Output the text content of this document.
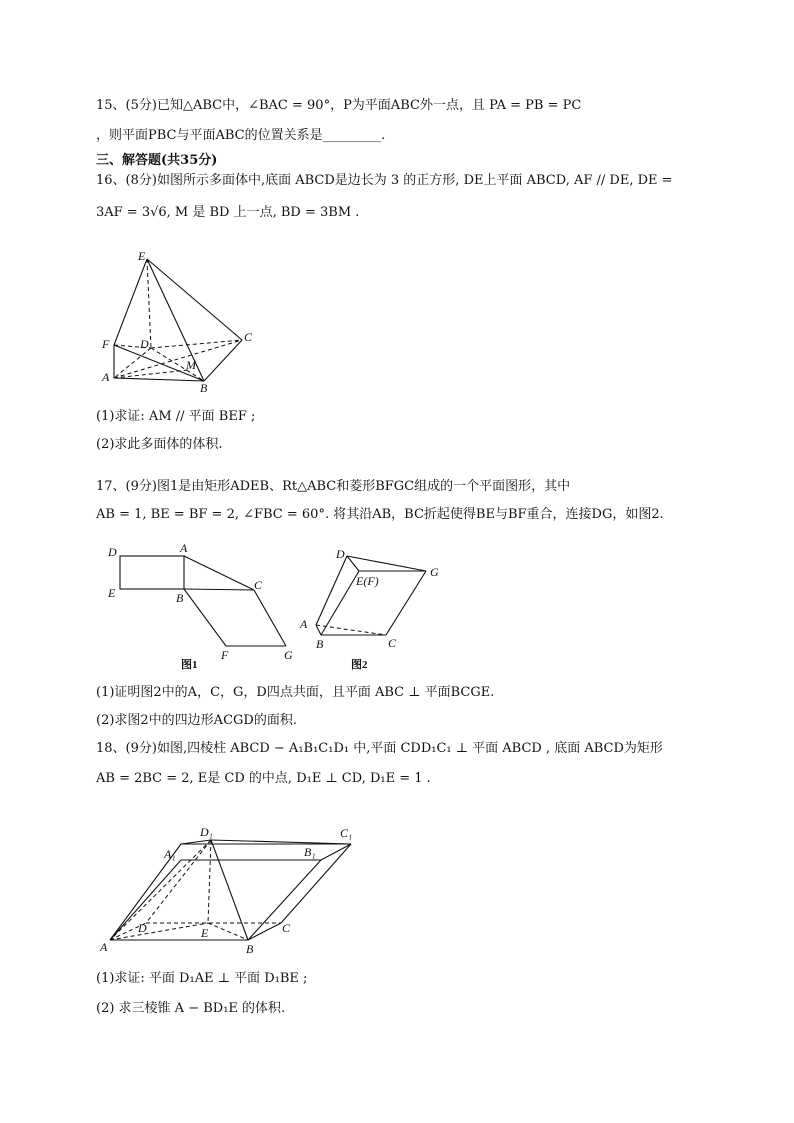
15、(5分)已知△ABC中，∠BAC = 90°，P为平面ABC外一点，且 PA = PB = PC
，则平面PBC与平面ABC的位置关系是_________.
三、解答题(共35分)
16、(8分)如图所示多面体中,底面 ABCD是边长为 3 的正方形, DE上平面 ABCD, AF // DE, DE =
3AF = 3√6, M 是 BD 上一点, BD = 3BM .
E
F	D	C
A
M
B
(1)求证: AM // 平面 BEF ;
(2)求此多面体的体积.
17、(9分)图1是由矩形ADEB、Rt△ABC和菱形BFGC组成的一个平面图形，其中
AB = 1, BE = BF = 2, ∠FBC = 60°. 将其沿AB，BC折起使得BE与BF重合，连接DG，如图2.
D	A
E	B
C
F	G
图1
D
E(F)
G
A
B	C
图2
(1)证明图2中的A，C，G，D四点共面，且平面 ABC ⊥ 平面BCGE.
(2)求图2中的四边形ACGD的面积.
18、(9分)如图,四棱柱 ABCD − A₁B₁C₁D₁ 中,平面 CDD₁C₁ ⊥ 平面 ABCD , 底面 ABCD为矩形
AB = 2BC = 2, E是 CD 的中点, D₁E ⊥ CD, D₁E = 1 .
D₁	C₁
A₁	B₁
D	E	C
A	B
(1)求证: 平面 D₁AE ⊥ 平面 D₁BE ;
(2) 求三棱锥 A − BD₁E 的体积.
